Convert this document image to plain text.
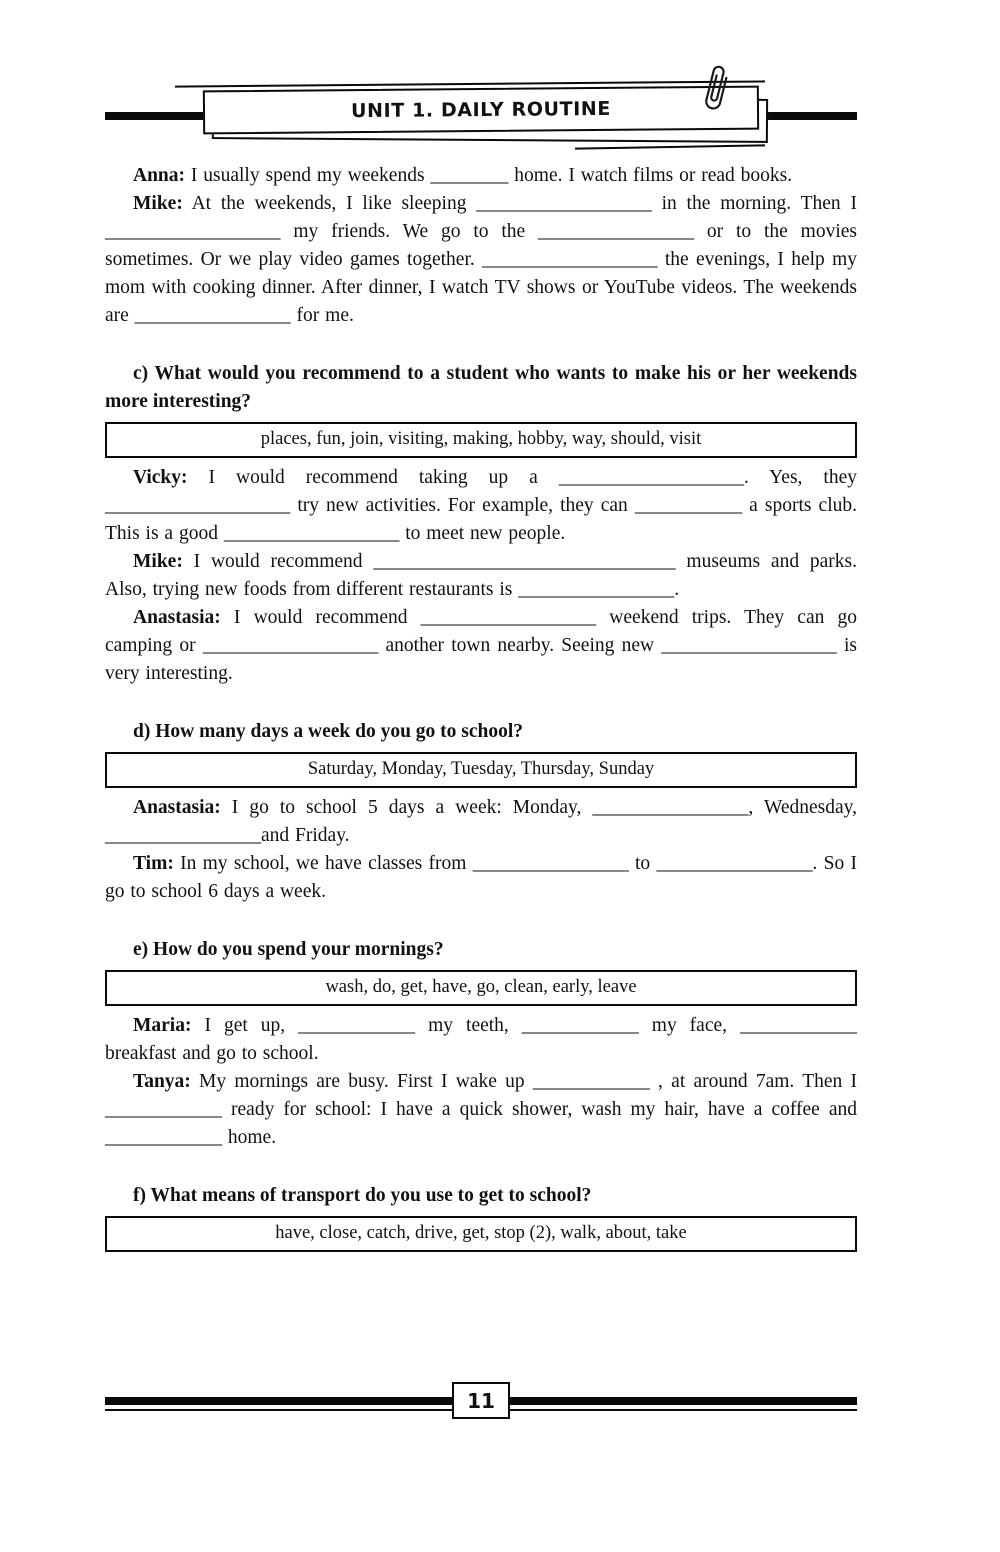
UNIT 1. DAILY ROUTINE

Anna: I usually spend my weekends ________ home. I watch films or read books.

Mike: At the weekends, I like sleeping __________________ in the morning. Then I __________________ my friends. We go to the ________________ or to the movies sometimes. Or we play video games together. __________________ the evenings, I help my mom with cooking dinner. After dinner, I watch TV shows or YouTube videos. The weekends are ________________ for me.

c) What would you recommend to a student who wants to make his or her weekends more interesting?

places, fun, join, visiting, making, hobby, way, should, visit

Vicky: I would recommend taking up a ___________________. Yes, they ___________________ try new activities. For example, they can ___________ a sports club. This is a good __________________ to meet new people.

Mike: I would recommend _______________________________ museums and parks. Also, trying new foods from different restaurants is ________________.

Anastasia: I would recommend __________________ weekend trips. They can go camping or __________________ another town nearby. Seeing new __________________ is very interesting.

d) How many days a week do you go to school?

Saturday, Monday, Tuesday, Thursday, Sunday

Anastasia: I go to school 5 days a week: Monday, ________________, Wednesday, ________________and Friday.

Tim: In my school, we have classes from ________________ to ________________. So I go to school 6 days a week.

e) How do you spend your mornings?

wash, do, get, have, go, clean, early, leave

Maria: I get up, ____________ my teeth, ____________ my face, ____________ breakfast and go to school.

Tanya: My mornings are busy. First I wake up ____________ , at around 7am. Then I ____________ ready for school: I have a quick shower, wash my hair, have a coffee and ____________ home.

f) What means of transport do you use to get to school?

have, close, catch, drive, get, stop (2), walk, about, take
11
